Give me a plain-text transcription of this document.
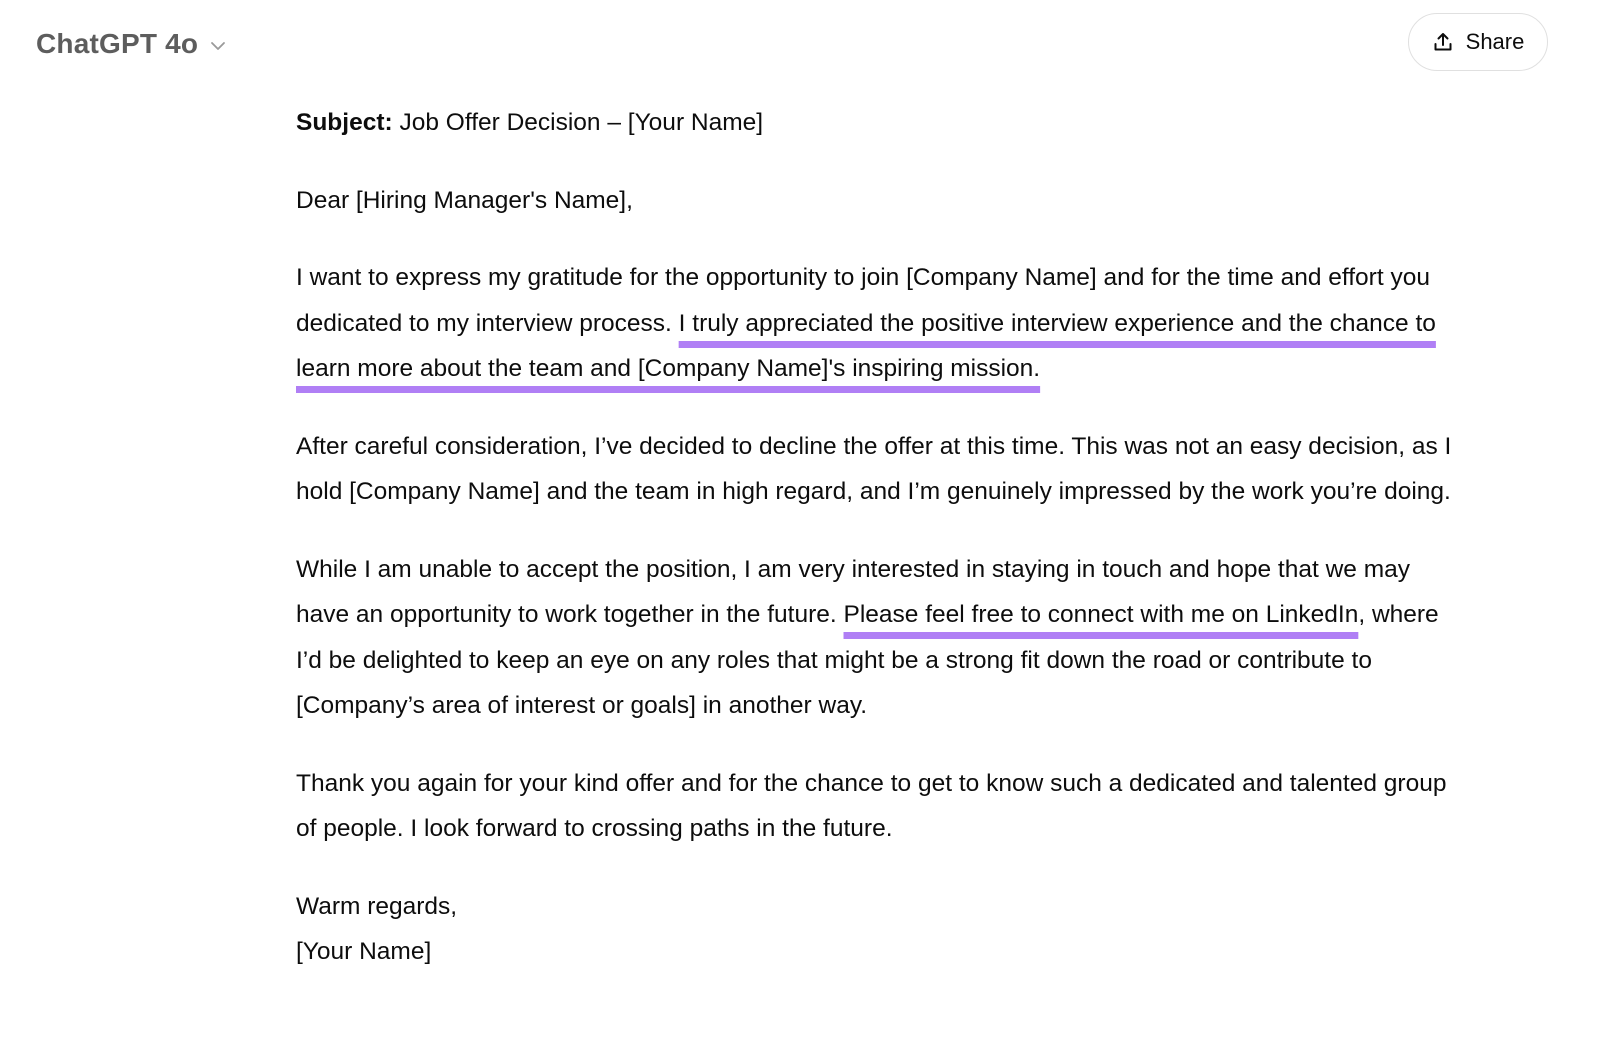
ChatGPT 4o	Share

Subject: Job Offer Decision – [Your Name]

Dear [Hiring Manager's Name],

I want to express my gratitude for the opportunity to join [Company Name] and for the time and effort you dedicated to my interview process. I truly appreciated the positive interview experience and the chance to learn more about the team and [Company Name]'s inspiring mission.

After careful consideration, I’ve decided to decline the offer at this time. This was not an easy decision, as I hold [Company Name] and the team in high regard, and I’m genuinely impressed by the work you’re doing.

While I am unable to accept the position, I am very interested in staying in touch and hope that we may have an opportunity to work together in the future. Please feel free to connect with me on LinkedIn, where I’d be delighted to keep an eye on any roles that might be a strong fit down the road or contribute to [Company’s area of interest or goals] in another way.

Thank you again for your kind offer and for the chance to get to know such a dedicated and talented group of people. I look forward to crossing paths in the future.

Warm regards,

[Your Name]
